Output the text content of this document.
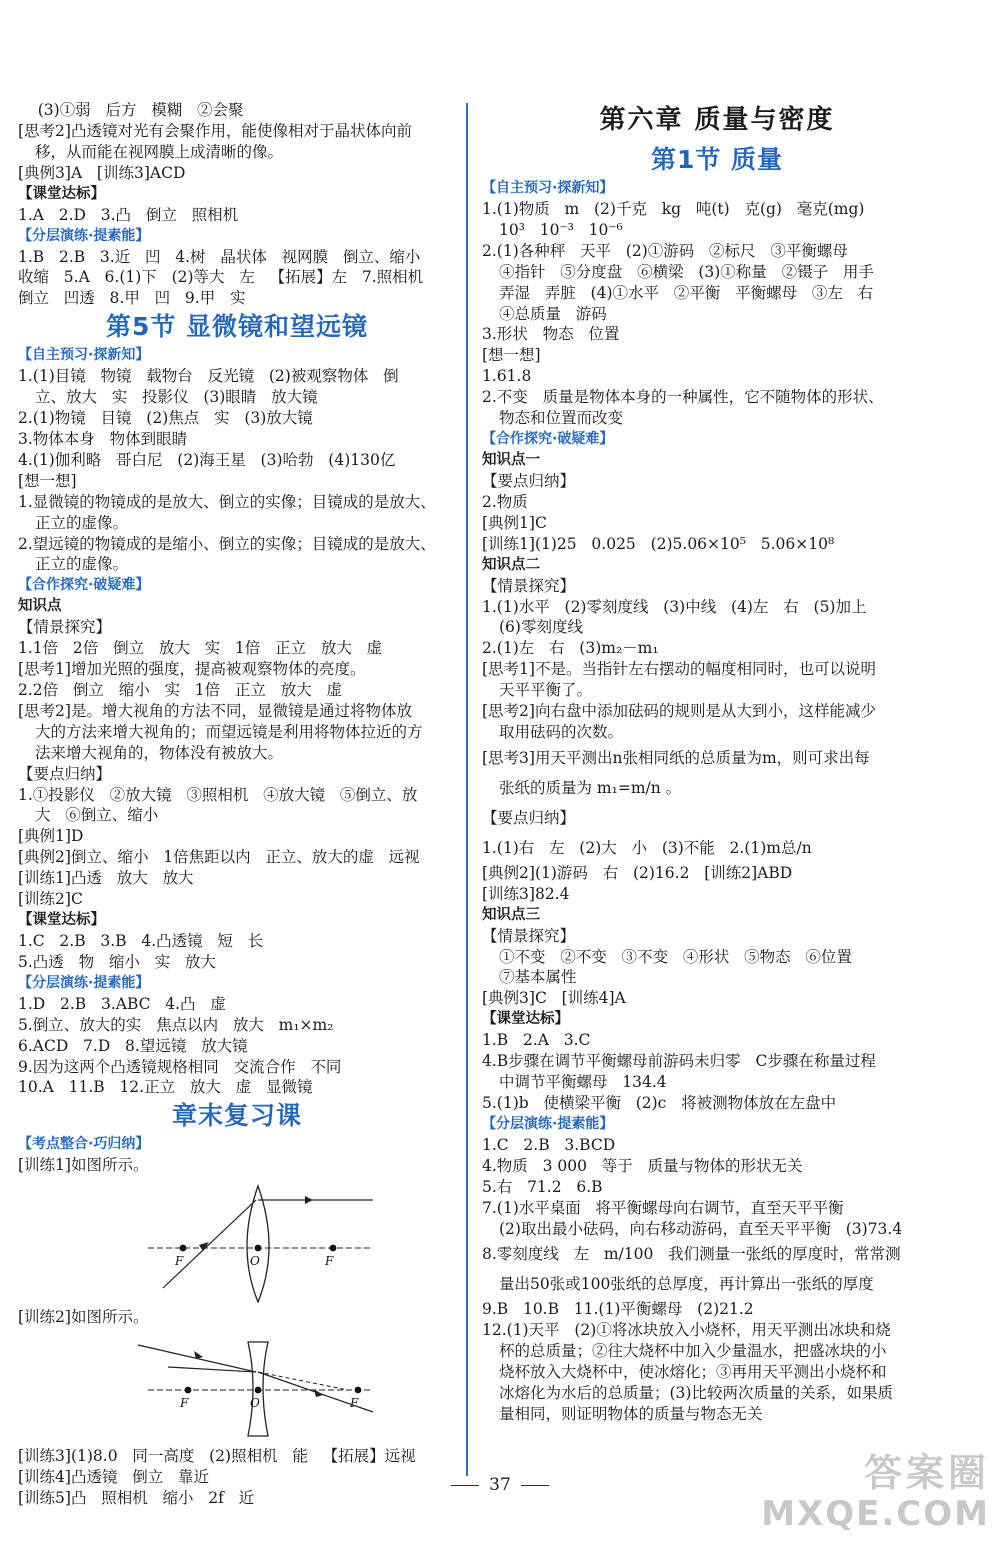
(3)①弱   后方   模糊   ②会聚
[思考2]凸透镜对光有会聚作用，能使像相对于晶状体向前
移，从而能在视网膜上成清晰的像。
[典例3]A   [训练3]ACD
【课堂达标】
1.A   2.D   3.凸   倒立   照相机
【分层演练·提素能】
1.B   2.B   3.近   凹   4.树   晶状体   视网膜   倒立、缩小
收缩   5.A   6.(1)下   (2)等大   左   【拓展】左   7.照相机
倒立   凹透   8.甲   凹   9.甲   实
第5节 显微镜和望远镜
【自主预习·探新知】
1.(1)目镜   物镜   载物台   反光镜   (2)被观察物体   倒
立、放大   实   投影仪   (3)眼睛   放大镜
2.(1)物镜   目镜   (2)焦点   实   (3)放大镜
3.物体本身   物体到眼睛
4.(1)伽利略   哥白尼   (2)海王星   (3)哈勃   (4)130亿
[想一想]
1.显微镜的物镜成的是放大、倒立的实像；目镜成的是放大、
正立的虚像。
2.望远镜的物镜成的是缩小、倒立的实像；目镜成的是放大、
正立的虚像。
【合作探究·破疑难】
知识点
【情景探究】
1.1倍   2倍   倒立   放大   实   1倍   正立   放大   虚
[思考1]增加光照的强度，提高被观察物体的亮度。
2.2倍   倒立   缩小   实   1倍   正立   放大   虚
[思考2]是。增大视角的方法不同，显微镜是通过将物体放
大的方法来增大视角的；而望远镜是利用将物体拉近的方
法来增大视角的，物体没有被放大。
【要点归纳】
1.①投影仪   ②放大镜   ③照相机   ④放大镜   ⑤倒立、放
大   ⑥倒立、缩小
[典例1]D
[典例2]倒立、缩小   1倍焦距以内   正立、放大的虚   远视
[训练1]凸透   放大   放大
[训练2]C
【课堂达标】
1.C   2.B   3.B   4.凸透镜   短   长
5.凸透   物   缩小   实   放大
【分层演练·提素能】
1.D   2.B   3.ABC   4.凸   虚
5.倒立、放大的实   焦点以内   放大   m₁×m₂
6.ACD   7.D   8.望远镜   放大镜
9.因为这两个凸透镜规格相同   交流合作   不同
10.A   11.B   12.正立   放大   虚   显微镜
章末复习课
【考点整合·巧归纳】
[训练1]如图所示。
F	O	F
[训练2]如图所示。
F	O	F
[训练3](1)8.0   同一高度   (2)照相机   能   【拓展】远视
[训练4]凸透镜   倒立   靠近
[训练5]凸   照相机   缩小   2f   近
第六章 质量与密度
第1节 质量
【自主预习·探新知】
1.(1)物质   m   (2)千克   kg   吨(t)   克(g)   毫克(mg)
10³   10⁻³   10⁻⁶
2.(1)各种秤   天平   (2)①游码   ②标尺   ③平衡螺母
④指针   ⑤分度盘   ⑥横梁   (3)①称量   ②镊子   用手
弄湿   弄脏   (4)①水平   ②平衡   平衡螺母   ③左   右
④总质量   游码
3.形状   物态   位置
[想一想]
1.61.8
2.不变   质量是物体本身的一种属性，它不随物体的形状、
物态和位置而改变
【合作探究·破疑难】
知识点一
【要点归纳】
2.物质
[典例1]C
[训练1](1)25   0.025   (2)5.06×10⁵   5.06×10⁸
知识点二
【情景探究】
1.(1)水平   (2)零刻度线   (3)中线   (4)左   右   (5)加上
(6)零刻度线
2.(1)左   右   (3)m₂－m₁
[思考1]不是。当指针左右摆动的幅度相同时，也可以说明
天平平衡了。
[思考2]向右盘中添加砝码的规则是从大到小，这样能减少
取用砝码的次数。
[思考3]用天平测出n张相同纸的总质量为m，则可求出每
张纸的质量为 m₁=m/n 。
【要点归纳】
1.(1)右   左   (2)大   小   (3)不能   2.(1)m总/n
[典例2](1)游码   右   (2)16.2   [训练2]ABD
[训练3]82.4
知识点三
【情景探究】
①不变   ②不变   ③不变   ④形状   ⑤物态   ⑥位置
⑦基本属性
[典例3]C   [训练4]A
【课堂达标】
1.B   2.A   3.C
4.B步骤在调节平衡螺母前游码未归零   C步骤在称量过程
中调节平衡螺母   134.4
5.(1)b   使横梁平衡   (2)c   将被测物体放在左盘中
【分层演练·提素能】
1.C   2.B   3.BCD
4.物质   3 000   等于   质量与物体的形状无关
5.右   71.2   6.B
7.(1)水平桌面   将平衡螺母向右调节，直至天平平衡
(2)取出最小砝码，向右移动游码，直至天平平衡   (3)73.4
8.零刻度线   左   m/100   我们测量一张纸的厚度时，常常测
量出50张或100张纸的总厚度，再计算出一张纸的厚度
9.B   10.B   11.(1)平衡螺母   (2)21.2
12.(1)天平   (2)①将冰块放入小烧杯，用天平测出冰块和烧
杯的总质量；②往大烧杯中加入少量温水，把盛冰块的小
烧杯放入大烧杯中，使冰熔化；③再用天平测出小烧杯和
冰熔化为水后的总质量；(3)比较两次质量的关系，如果质
量相同，则证明物体的质量与物态无关
37	答案圈
MXQE.COM
